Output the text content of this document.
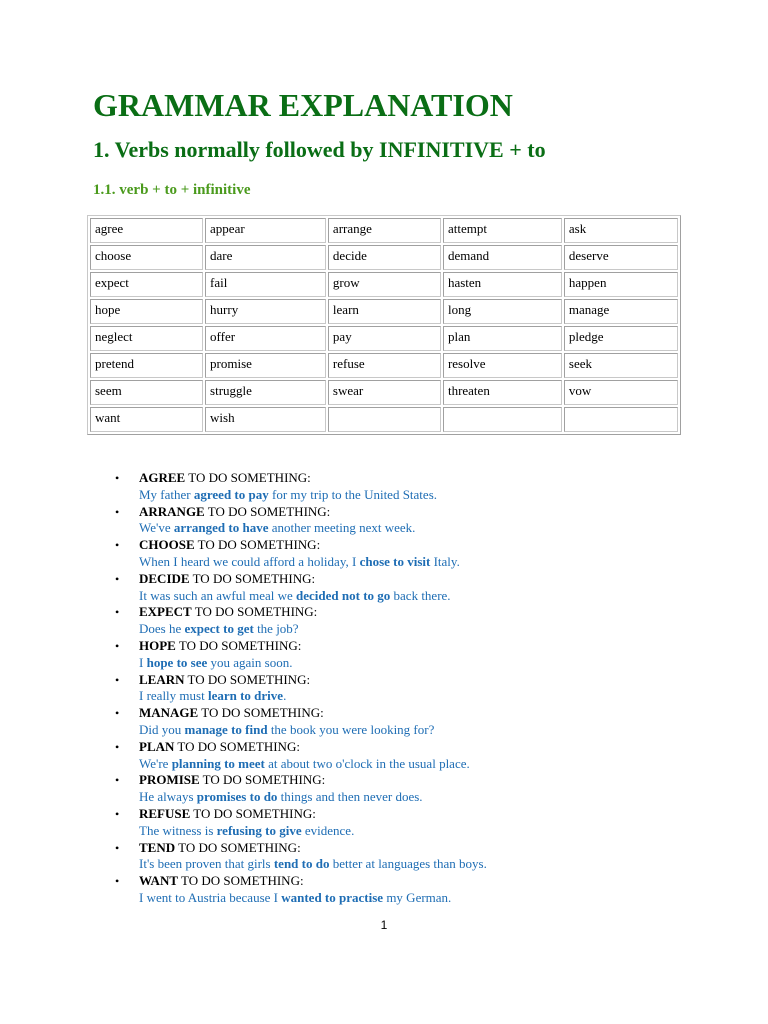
GRAMMAR EXPLANATION
1. Verbs normally followed by INFINITIVE + to
1.1. verb + to + infinitive
agree	appear	arrange	attempt	ask
choose	dare	decide	demand	deserve
expect	fail	grow	hasten	happen
hope	hurry	learn	long	manage
neglect	offer	pay	plan	pledge
pretend	promise	refuse	resolve	seek
seem	struggle	swear	threaten	vow
want	wish			
• AGREE TO DO SOMETHING:
My father agreed to pay for my trip to the United States.
• ARRANGE TO DO SOMETHING:
We've arranged to have another meeting next week.
• CHOOSE TO DO SOMETHING:
When I heard we could afford a holiday, I chose to visit Italy.
• DECIDE TO DO SOMETHING:
It was such an awful meal we decided not to go back there.
• EXPECT TO DO SOMETHING:
Does he expect to get the job?
• HOPE TO DO SOMETHING:
I hope to see you again soon.
• LEARN TO DO SOMETHING:
I really must learn to drive.
• MANAGE TO DO SOMETHING:
Did you manage to find the book you were looking for?
• PLAN TO DO SOMETHING:
We're planning to meet at about two o'clock in the usual place.
• PROMISE TO DO SOMETHING:
He always promises to do things and then never does.
• REFUSE TO DO SOMETHING:
The witness is refusing to give evidence.
• TEND TO DO SOMETHING:
It's been proven that girls tend to do better at languages than boys.
• WANT TO DO SOMETHING:
I went to Austria because I wanted to practise my German.
1
